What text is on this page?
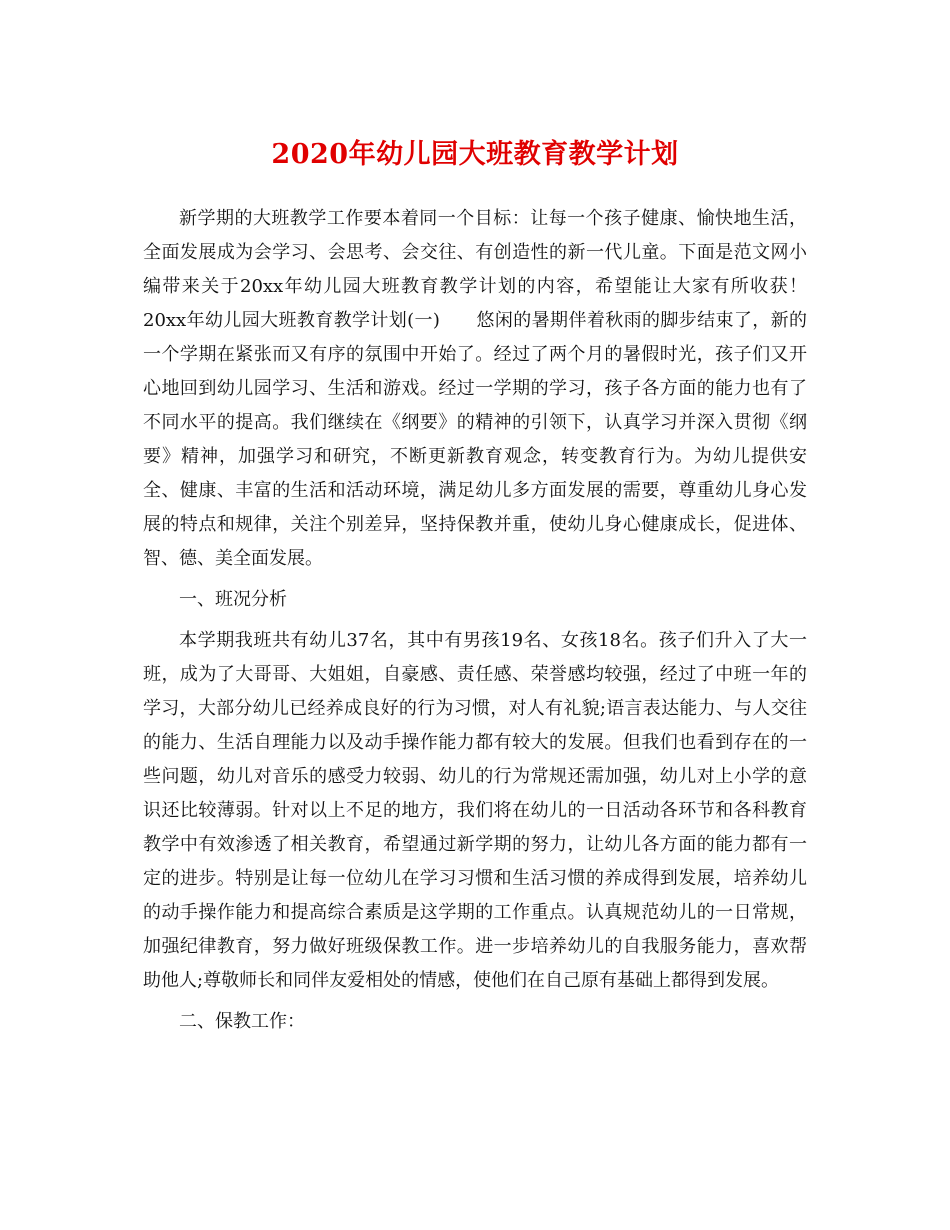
2020年幼儿园大班教育教学计划

新学期的大班教学工作要本着同一个目标：让每一个孩子健康、愉快地生活，全面发展成为会学习、会思考、会交往、有创造性的新一代儿童。下面是范文网小编带来关于20xx年幼儿园大班教育教学计划的内容，希望能让大家有所收获！20xx年幼儿园大班教育教学计划(一) 悠闲的暑期伴着秋雨的脚步结束了，新的一个学期在紧张而又有序的氛围中开始了。经过了两个月的暑假时光，孩子们又开心地回到幼儿园学习、生活和游戏。经过一学期的学习，孩子各方面的能力也有了不同水平的提高。我们继续在《纲要》的精神的引领下，认真学习并深入贯彻《纲要》精神，加强学习和研究，不断更新教育观念，转变教育行为。为幼儿提供安全、健康、丰富的生活和活动环境，满足幼儿多方面发展的需要，尊重幼儿身心发展的特点和规律，关注个别差异，坚持保教并重，使幼儿身心健康成长，促进体、智、德、美全面发展。

一、班况分析

本学期我班共有幼儿37名，其中有男孩19名、女孩18名。孩子们升入了大一班，成为了大哥哥、大姐姐，自豪感、责任感、荣誉感均较强，经过了中班一年的学习，大部分幼儿已经养成良好的行为习惯，对人有礼貌;语言表达能力、与人交往的能力、生活自理能力以及动手操作能力都有较大的发展。但我们也看到存在的一些问题，幼儿对音乐的感受力较弱、幼儿的行为常规还需加强，幼儿对上小学的意识还比较薄弱。针对以上不足的地方，我们将在幼儿的一日活动各环节和各科教育教学中有效渗透了相关教育，希望通过新学期的努力，让幼儿各方面的能力都有一定的进步。特别是让每一位幼儿在学习习惯和生活习惯的养成得到发展，培养幼儿的动手操作能力和提高综合素质是这学期的工作重点。认真规范幼儿的一日常规，加强纪律教育，努力做好班级保教工作。进一步培养幼儿的自我服务能力，喜欢帮助他人;尊敬师长和同伴友爱相处的情感，使他们在自己原有基础上都得到发展。

二、保教工作：
